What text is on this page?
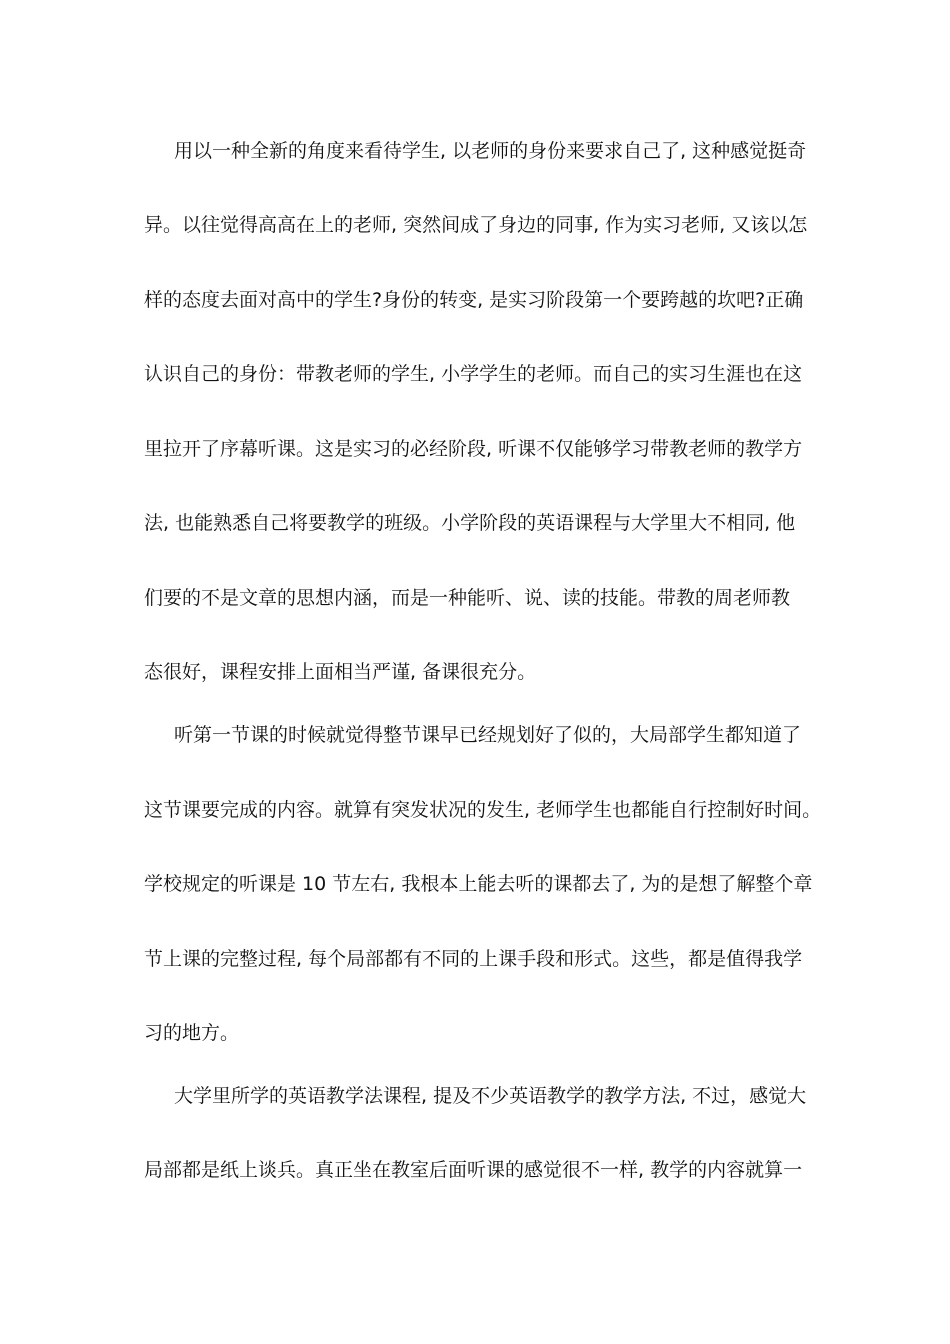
用以一种全新的角度来看待学生, 以老师的身份来要求自己了, 这种感觉挺奇
异。以往觉得高高在上的老师, 突然间成了身边的同事, 作为实习老师, 又该以怎
样的态度去面对高中的学生?身份的转变, 是实习阶段第一个要跨越的坎吧?正确
认识自己的身份：带教老师的学生, 小学学生的老师。而自己的实习生涯也在这
里拉开了序幕听课。这是实习的必经阶段, 听课不仅能够学习带教老师的教学方
法, 也能熟悉自己将要教学的班级。小学阶段的英语课程与大学里大不相同, 他
们要的不是文章的思想内涵，而是一种能听、说、读的技能。带教的周老师教
态很好，课程安排上面相当严谨, 备课很充分。
听第一节课的时候就觉得整节课早已经规划好了似的，大局部学生都知道了
这节课要完成的内容。就算有突发状况的发生, 老师学生也都能自行控制好时间。
学校规定的听课是 10 节左右, 我根本上能去听的课都去了, 为的是想了解整个章
节上课的完整过程, 每个局部都有不同的上课手段和形式。这些，都是值得我学
习的地方。
大学里所学的英语教学法课程, 提及不少英语教学的教学方法, 不过，感觉大
局部都是纸上谈兵。真正坐在教室后面听课的感觉很不一样, 教学的内容就算一
